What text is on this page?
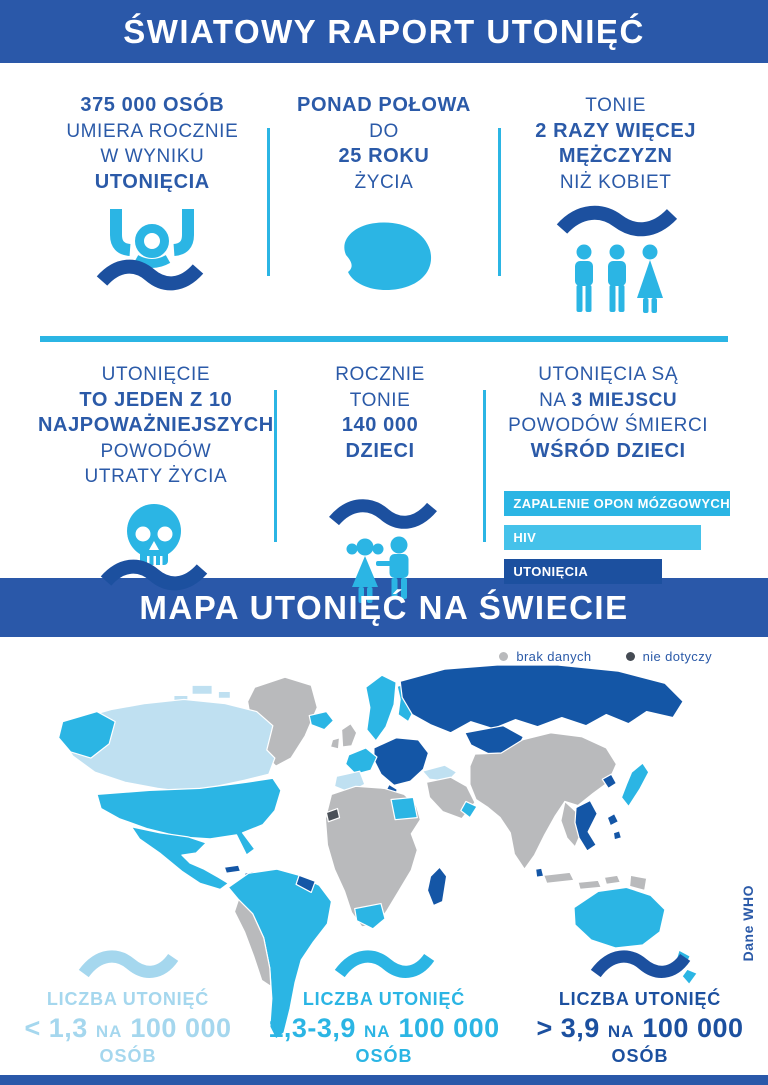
ŚWIATOWY RAPORT UTONIĘĆ
375 000 OSÓB
UMIERA ROCZNIE
W WYNIKU
UTONIĘCIA
PONAD POŁOWA
DO
25 ROKU
ŻYCIA
TONIE
2 RAZY WIĘCEJ
MĘŻCZYZN
NIŻ KOBIET
UTONIĘCIE
TO JEDEN Z 10
NAJPOWAŻNIEJSZYCH
POWODÓW
UTRATY ŻYCIA
ROCZNIE
TONIE
140 000
DZIECI
UTONIĘCIA SĄ
NA 3 MIEJSCU
POWODÓW ŚMIERCI
WŚRÓD DZIECI
ZAPALENIE OPON MÓZGOWYCH
HIV
UTONIĘCIA
MAPA UTONIĘĆ NA ŚWIECIE
brak danych	nie dotyczy
Dane WHO
LICZBA UTONIĘĆ
< 1,3 NA 100 000
OSÓB
LICZBA UTONIĘĆ
1,3-3,9 NA 100 000
OSÓB
LICZBA UTONIĘĆ
> 3,9 NA 100 000
OSÓB
